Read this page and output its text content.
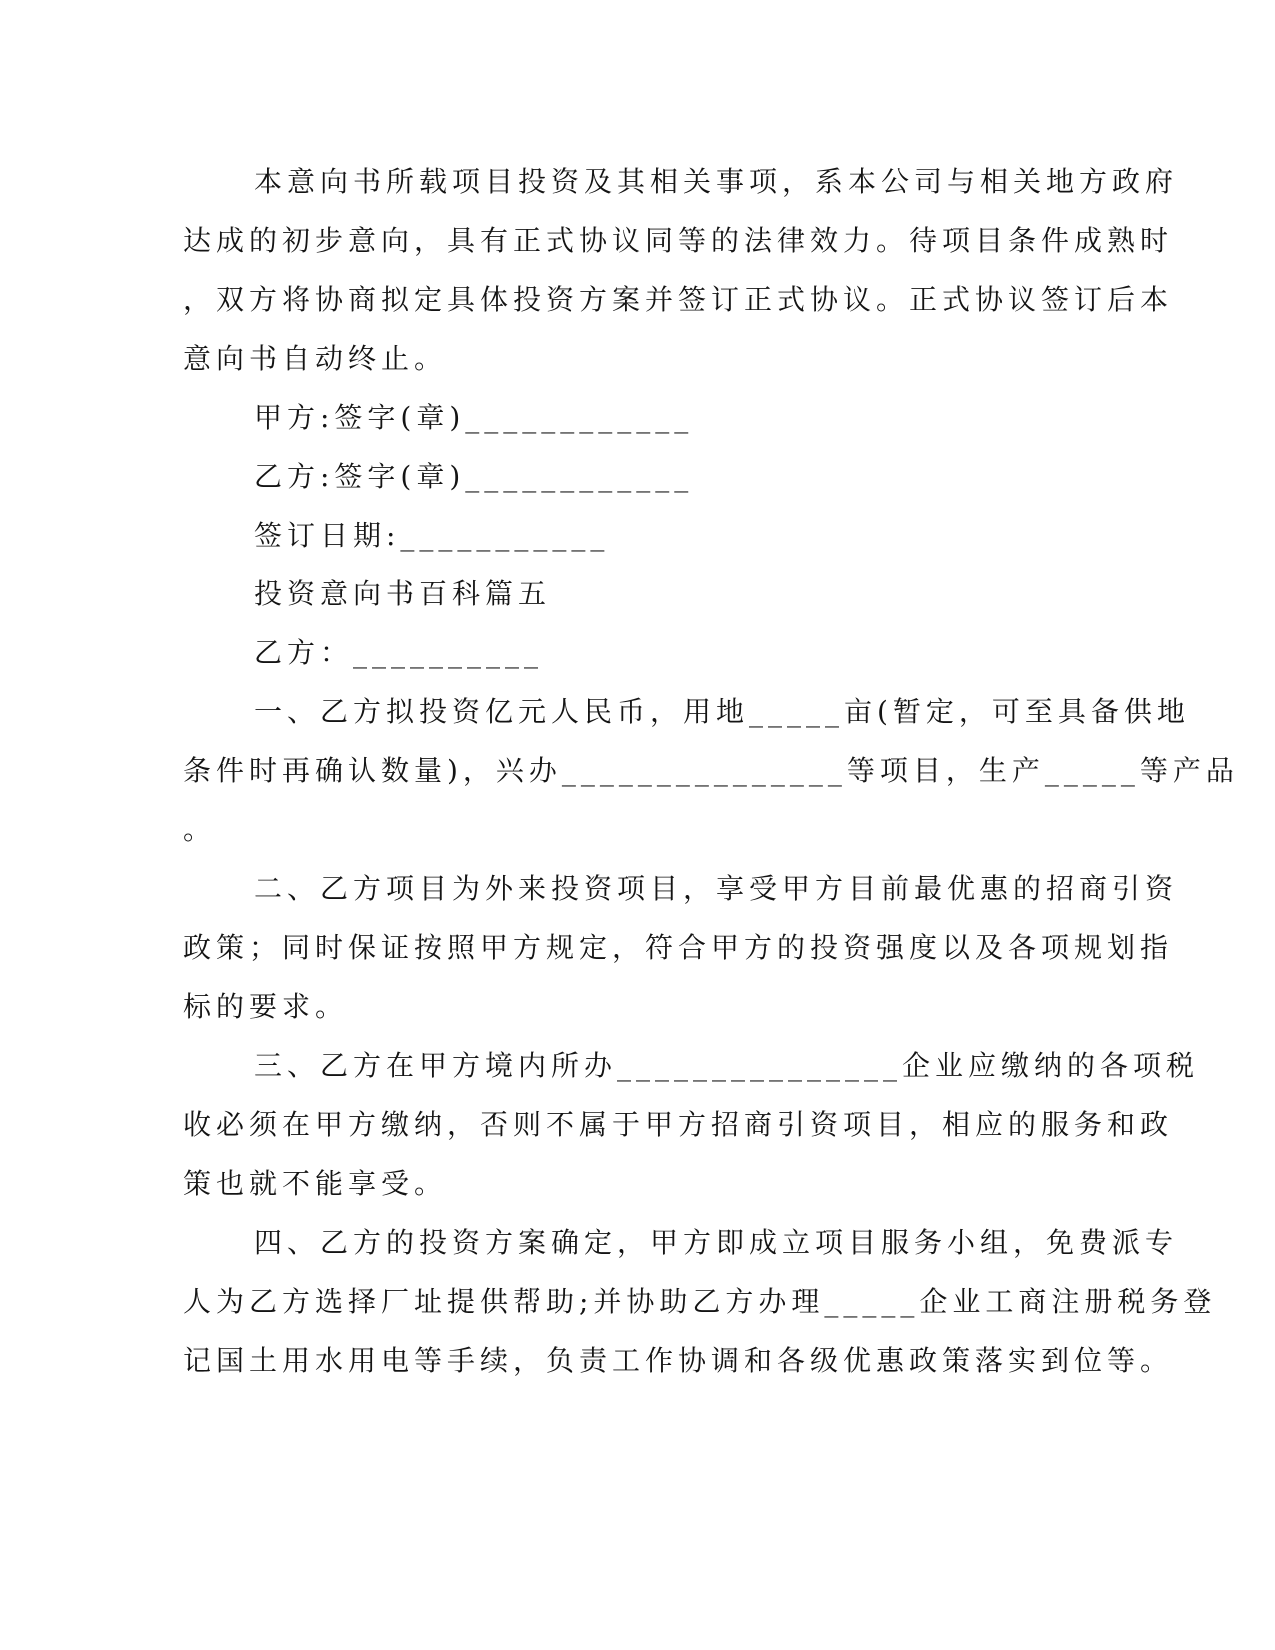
本意向书所载项目投资及其相关事项，系本公司与相关地方政府
达成的初步意向，具有正式协议同等的法律效力。待项目条件成熟时
，双方将协商拟定具体投资方案并签订正式协议。正式协议签订后本
意向书自动终止。
甲方:签字(章)____________
乙方:签字(章)____________
签订日期:___________
投资意向书百科篇五
乙方：__________
一、乙方拟投资亿元人民币，用地_____亩(暂定，可至具备供地
条件时再确认数量)，兴办_______________等项目，生产_____等产品
。
二、乙方项目为外来投资项目，享受甲方目前最优惠的招商引资
政策；同时保证按照甲方规定，符合甲方的投资强度以及各项规划指
标的要求。
三、乙方在甲方境内所办_______________企业应缴纳的各项税
收必须在甲方缴纳，否则不属于甲方招商引资项目，相应的服务和政
策也就不能享受。
四、乙方的投资方案确定，甲方即成立项目服务小组，免费派专
人为乙方选择厂址提供帮助;并协助乙方办理_____企业工商注册税务登
记国土用水用电等手续，负责工作协调和各级优惠政策落实到位等。
